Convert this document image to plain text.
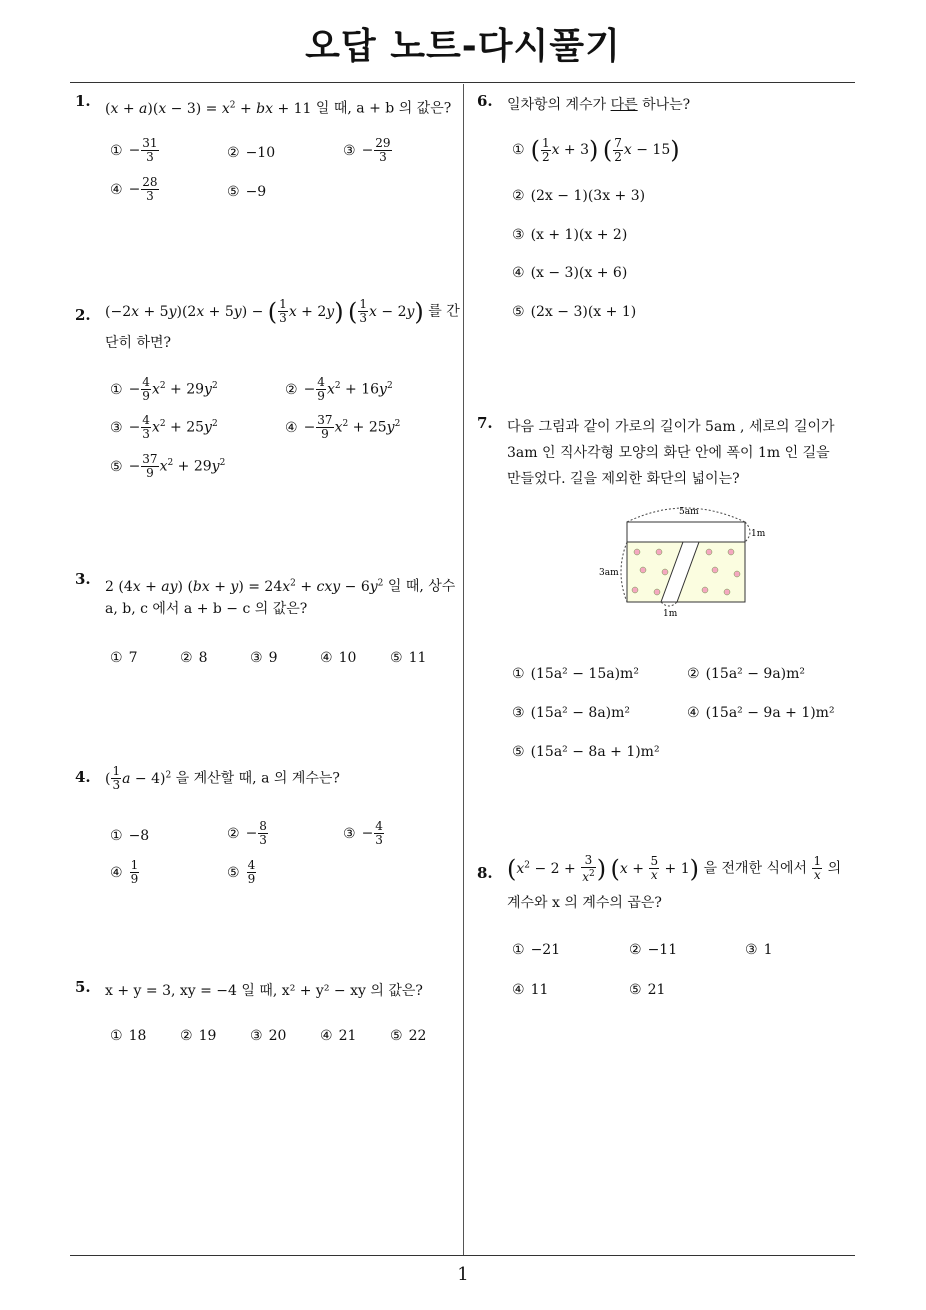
오답 노트-다시풀기
1
1. $(x + a)(x - 3) = x^2$ + bx + 11 일 때, a + b 의 값은?
① − $\frac{31}{3}$	② −10	③ − $\frac{29}{3}$
④ − $\frac{28}{3}$	⑤ −9
2. (−2x + 5y)(2x + 5y) − ( $\frac{1}{3}$ x + 2y) ( $\frac{1}{3}$ x − 2y) 를 간
단히 하면?
① − $\frac{4}{9} x^2 + 29y^2$	② − $\frac{4}{9} x^2 + 16y^2$
③ − $\frac{4}{3} x^2 + 25y^2$	④ − $\frac{37}{9} x^2 + 25y^2$
⑤ − $\frac{37}{9} x^2 + 29y^2$
3. 2 (4x + ay) $(bx + y) = 24x^2$ + cxy − $6y^2$ 일 때, 상수
a, b, c 에서 a + b − c 의 값은?
① 7	② 8	③ 9	④ 10 ⑤ 11
4. ( $\frac{1}{3}$ a − 4)$^2$ 을 계산할 때, a 의 계수는?
① −8	② − $\frac{8}{3}$	③ − $\frac{4}{3}$
④ $\frac{1}{9}$	⑤ $\frac{4}{9}$
5. x + y = 3, xy = −4 일 때, x² + y² − xy 의 값은?
① 18 ② 19 ③ 20 ④ 21 ⑤ 22
6. 일차항의 계수가 다른 하나는?
① ( $\frac{1}{2}$ x + 3) ( $\frac{7}{2}$ x − 15)
② (2x − 1)(3x + 3)
③ (x + 1)(x + 2)
④ (x − 3)(x + 6)
⑤ (2x − 3)(x + 1)
7. 다음 그림과 같이 가로의 길이가 5am , 세로의 길이가
3am 인 직사각형 모양의 화단 안에 폭이 1m 인 길을
만들었다. 길을 제외한 화단의 넓이는?
5am
1m
3am
1m
① (15a² − 15a)m²	② (15a² − 9a)m²
③ (15a² − 8a)m²	④ (15a² − 9a + 1)m²
⑤ (15a² − 8a + 1)m²
8. ($x^2 - 2 + \frac{3}{x^2}$ ) $(x + \frac{5}{x} + 1)$ 을 전개한 식에서 $\frac{1}{x}$ 의
계수와 x 의 계수의 곱은?
① −21	② −11	③ 1
④ 11	⑤ 21
